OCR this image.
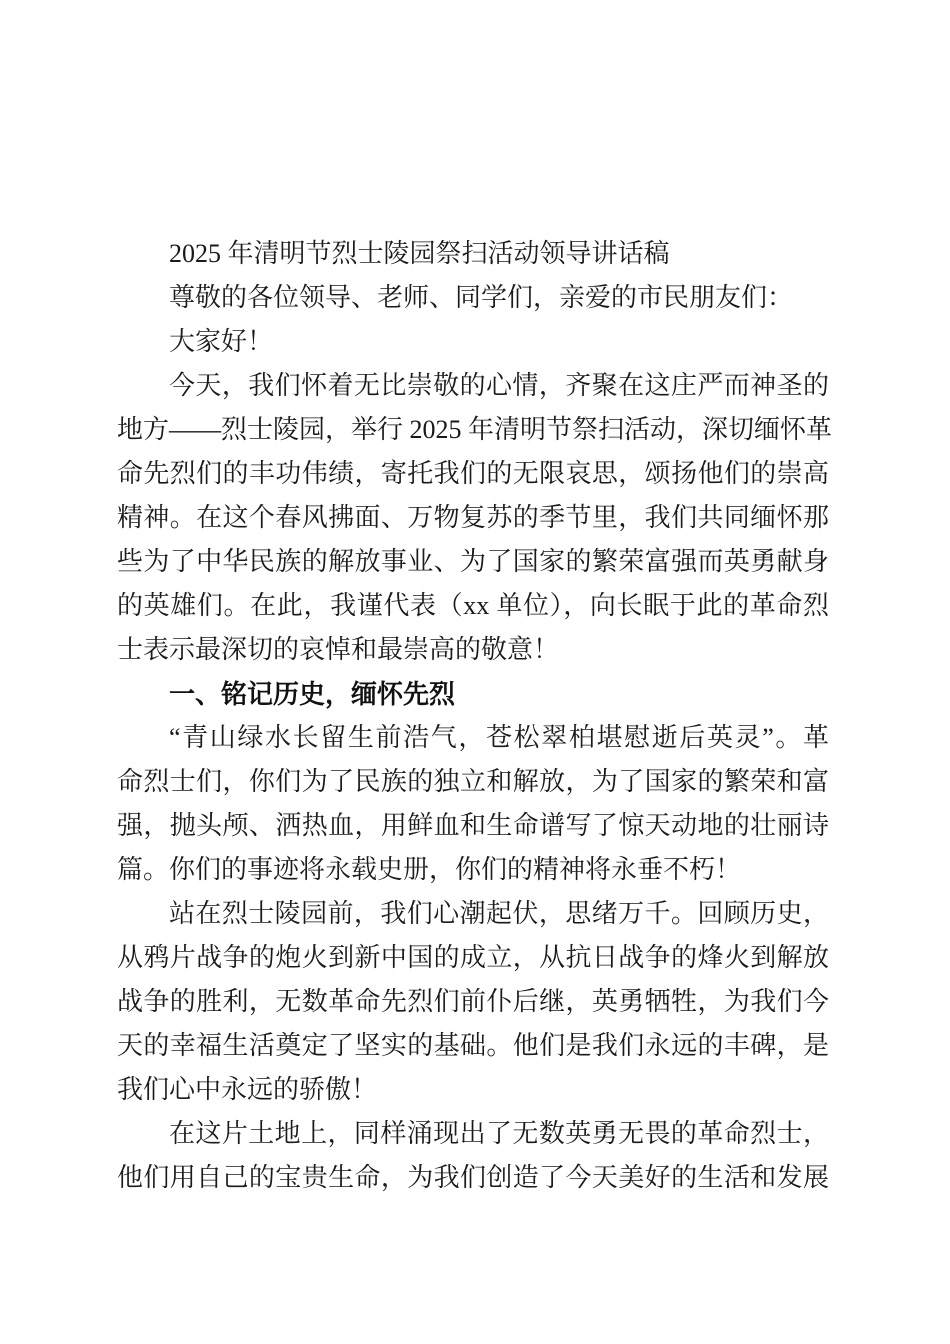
2025 年清明节烈士陵园祭扫活动领导讲话稿
尊敬的各位领导、老师、同学们，亲爱的市民朋友们：
大家好！
今天，我们怀着无比崇敬的心情，齐聚在这庄严而神圣的
地方——烈士陵园，举行 2025 年清明节祭扫活动，深切缅怀革
命先烈们的丰功伟绩，寄托我们的无限哀思，颂扬他们的崇高
精神。在这个春风拂面、万物复苏的季节里，我们共同缅怀那
些为了中华民族的解放事业、为了国家的繁荣富强而英勇献身
的英雄们。在此，我谨代表（xx 单位），向长眠于此的革命烈
士表示最深切的哀悼和最崇高的敬意！
一、铭记历史，缅怀先烈
“青山绿水长留生前浩气，苍松翠柏堪慰逝后英灵”。革
命烈士们，你们为了民族的独立和解放，为了国家的繁荣和富
强，抛头颅、洒热血，用鲜血和生命谱写了惊天动地的壮丽诗
篇。你们的事迹将永载史册，你们的精神将永垂不朽！
站在烈士陵园前，我们心潮起伏，思绪万千。回顾历史，
从鸦片战争的炮火到新中国的成立，从抗日战争的烽火到解放
战争的胜利，无数革命先烈们前仆后继，英勇牺牲，为我们今
天的幸福生活奠定了坚实的基础。他们是我们永远的丰碑，是
我们心中永远的骄傲！
在这片土地上，同样涌现出了无数英勇无畏的革命烈士，
他们用自己的宝贵生命，为我们创造了今天美好的生活和发展
